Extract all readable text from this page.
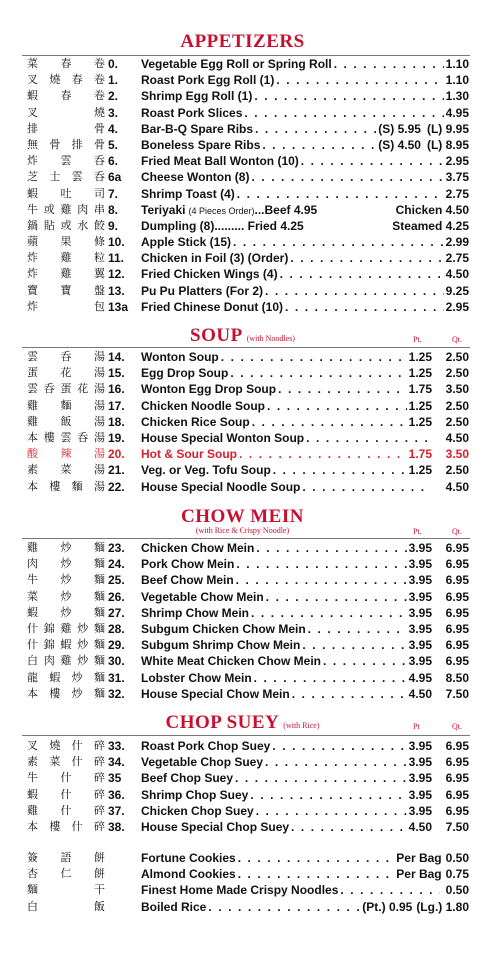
APPETIZERS
菜 春 卷 0. Vegetable Egg Roll or Spring Roll . . .	1.10
叉 燒 春 卷 1. Roast Pork Egg Roll (1) . . .	1.10
蝦 春 卷 2. Shrimp Egg Roll (1) . . .	1.30
叉	燒 3. Roast Pork Slices . . .	4.95
排	骨 4. Bar-B-Q Spare Ribs . . .	(S) 5.95 (L) 9.95
無 骨 排 骨 5. Boneless Spare Ribs . . .	(S) 4.50 (L) 8.95
炸 雲 呑 6. Fried Meat Ball Wonton (10) . . .	2.95
芝 士 雲 呑 6a Cheese Wonton (8) . . .	3.75
蝦 吐 司 7. Shrimp Toast (4) . . .	2.75
牛 或 雞 肉 串 8. Teriyaki (4 Pieces Order) ...Beef 4.95	Chicken 4.50
鍋 貼 或 水 餃 9. Dumpling (8) ......... Fried 4.25	Steamed 4.25
蘋 果 條 10. Apple Stick (15) . . .	2.99
炸 雞 粒 11. Chicken in Foil (3) (Order) . . .	2.75
炸 雞 翼 12. Fried Chicken Wings (4) . . .	4.50
寶 寶 盤 13. Pu Pu Platters (For 2) . . .	9.25
炸	包 13a Fried Chinese Donut (10) . . .	2.95
SOUP (with Noodles)	Pt.	Qt.
雲 呑 湯 14. Wonton Soup . . .	1.25	2.50
蛋 花 湯 15. Egg Drop Soup . . .	1.25	2.50
雲 呑 蛋 花 湯 16. Wonton Egg Drop Soup . . .	1.75	3.50
雞 麵 湯 17. Chicken Noodle Soup . . .	1.25	2.50
雞 飯 湯 18. Chicken Rice Soup . . .	1.25	2.50
本 樓 雲 呑 湯 19. House Special Wonton Soup . . .	4.50
酸 辣 湯 20. Hot & Sour Soup . . .	1.75	3.50
素 菜 湯 21. Veg. or Veg. Tofu Soup . . .	1.25	2.50
本 樓 麵 湯 22. House Special Noodle Soup . . .	4.50
CHOW MEIN
(with Rice & Crispy Noodle)	Pt.	Qt.
雞 炒 麵 23. Chicken Chow Mein . . .	3.95	6.95
肉 炒 麵 24. Pork Chow Mein . . .	3.95	6.95
牛 炒 麵 25. Beef Chow Mein . . .	3.95	6.95
菜 炒 麵 26. Vegetable Chow Mein . . .	3.95	6.95
蝦 炒 麵 27. Shrimp Chow Mein . . .	3.95	6.95
什 錦 雞 炒 麵 28. Subgum Chicken Chow Mein . . .	3.95	6.95
什 錦 蝦 炒 麵 29. Subgum Shrimp Chow Mein . . .	3.95	6.95
白 肉 雞 炒 麵 30. White Meat Chicken Chow Mein . . .	3.95	6.95
龍 蝦 炒 麵 31. Lobster Chow Mein . . .	4.95	8.50
本 樓 炒 麵 32. House Special Chow Mein . . .	4.50	7.50
CHOP SUEY (with Rice)	Pt	Qt.
叉 燒 什 碎 33. Roast Pork Chop Suey . . .	3.95	6.95
素 菜 什 碎 34. Vegetable Chop Suey . . .	3.95	6.95
牛 什 碎 35 Beef Chop Suey . . .	3.95	6.95
蝦 什 碎 36. Shrimp Chop Suey . . .	3.95	6.95
雞 什 碎 37. Chicken Chop Suey . . .	3.95	6.95
本 樓 什 碎 38. House Special Chop Suey . . .	4.50	7.50
簽 語 餅	Fortune Cookies . . .	Per Bag 0.50
杏 仁 餅	Almond Cookies . . .	Per Bag 0.75
麵	干	Finest Home Made Crispy Noodles . . .	0.50
白	飯	Boiled Rice . . .	(Pt.) 0.95 (Lg.) 1.80
